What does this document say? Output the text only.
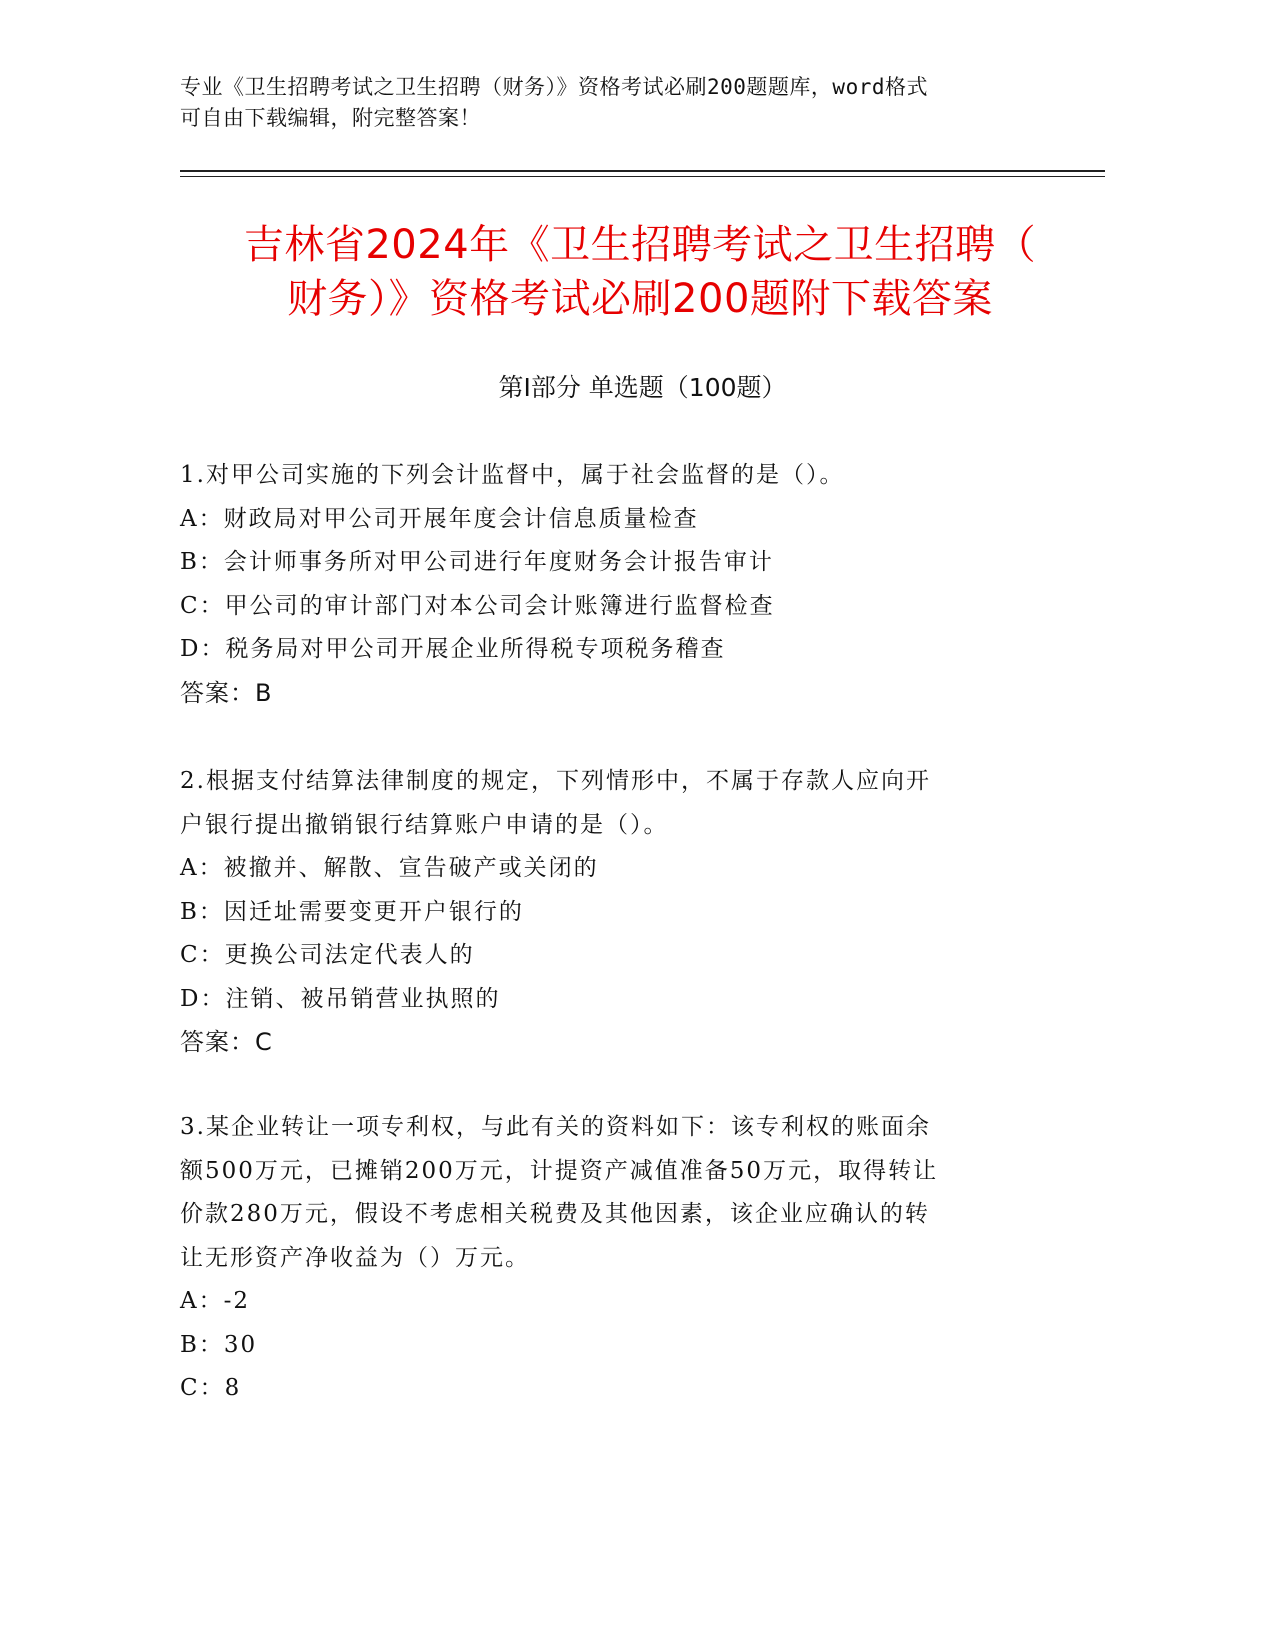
专业《卫生招聘考试之卫生招聘（财务）》资格考试必刷200题题库，word格式
可自由下载编辑，附完整答案！
吉林省2024年《卫生招聘考试之卫生招聘（
财务）》资格考试必刷200题附下载答案
第Ⅰ部分 单选题（100题）
1.对甲公司实施的下列会计监督中，属于社会监督的是（）。
A：财政局对甲公司开展年度会计信息质量检查
B：会计师事务所对甲公司进行年度财务会计报告审计
C：甲公司的审计部门对本公司会计账簿进行监督检查
D：税务局对甲公司开展企业所得税专项税务稽查
答案：B
2.根据支付结算法律制度的规定，下列情形中，不属于存款人应向开
户银行提出撤销银行结算账户申请的是（）。
A：被撤并、解散、宣告破产或关闭的
B：因迁址需要变更开户银行的
C：更换公司法定代表人的
D：注销、被吊销营业执照的
答案：C
3.某企业转让一项专利权，与此有关的资料如下：该专利权的账面余
额500万元，已摊销200万元，计提资产减值准备50万元，取得转让
价款280万元，假设不考虑相关税费及其他因素，该企业应确认的转
让无形资产净收益为（）万元。
A：-2
B：30
C：8
